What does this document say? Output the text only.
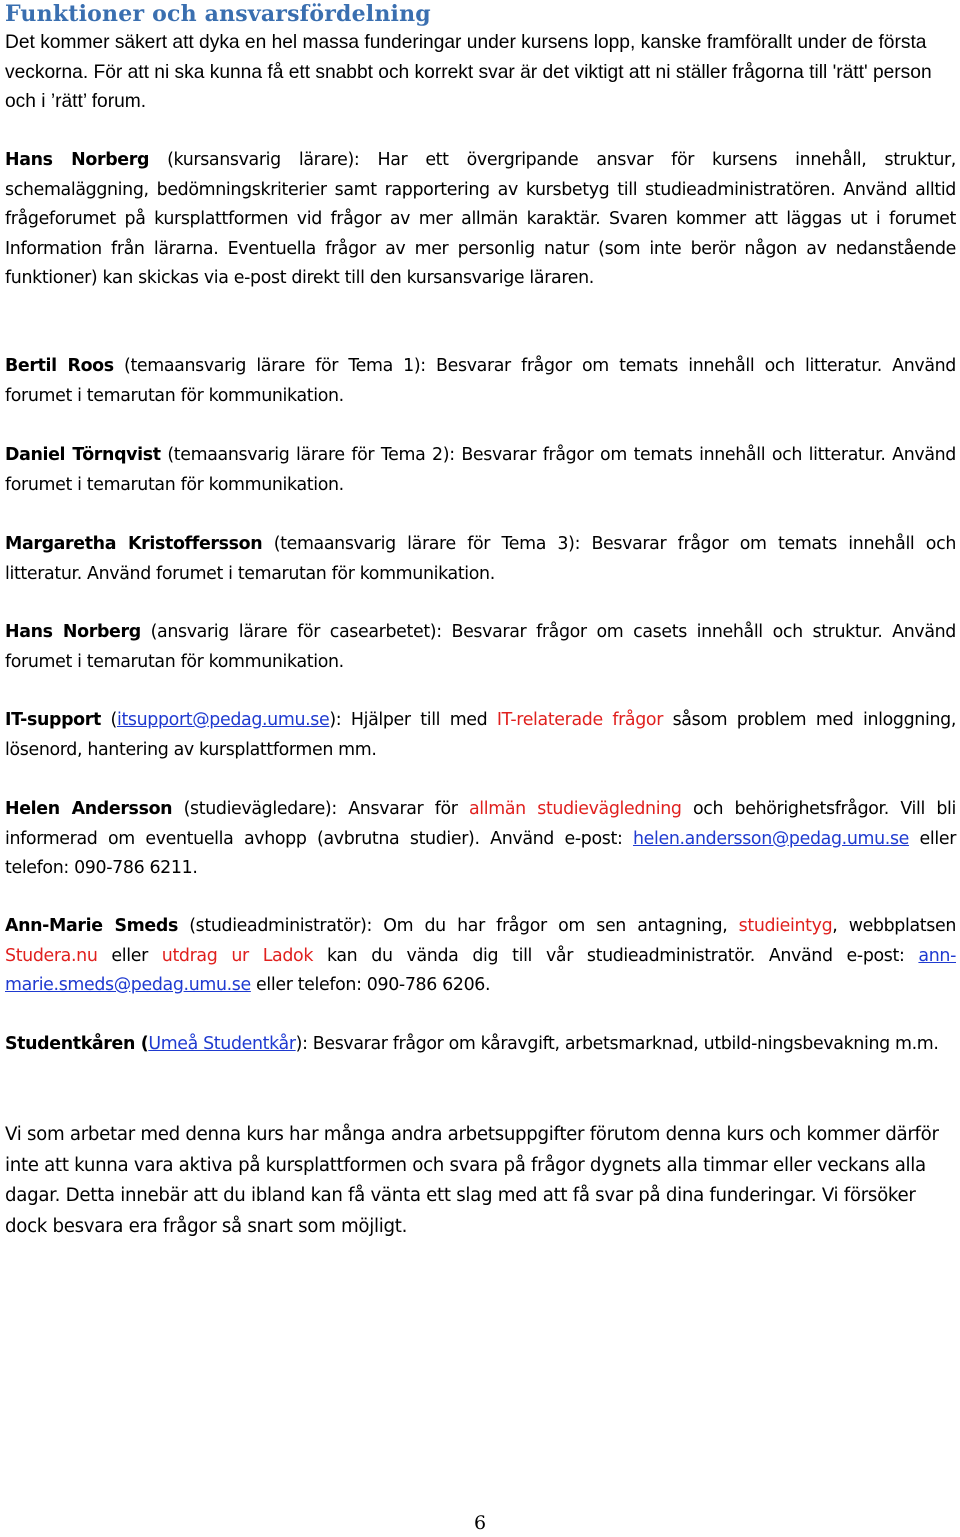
Funktioner och ansvarsfördelning

Det kommer säkert att dyka en hel massa funderingar under kursens lopp, kanske framförallt under de första veckorna. För att ni ska kunna få ett snabbt och korrekt svar är det viktigt att ni ställer frågorna till 'rätt' person och i ’rätt’ forum.

Hans Norberg (kursansvarig lärare): Har ett övergripande ansvar för kursens innehåll, struktur, schemaläggning, bedömningskriterier samt rapportering av kursbetyg till studieadministratören. Använd alltid frågeforumet på kursplattformen vid frågor av mer allmän karaktär. Svaren kommer att läggas ut i forumet Information från lärarna. Eventuella frågor av mer personlig natur (som inte berör någon av nedanstående funktioner) kan skickas via e-post direkt till den kursansvarige läraren.

Bertil Roos (temaansvarig lärare för Tema 1): Besvarar frågor om temats innehåll och litteratur. Använd forumet i temarutan för kommunikation.

Daniel Törnqvist (temaansvarig lärare för Tema 2): Besvarar frågor om temats innehåll och litteratur. Använd forumet i temarutan för kommunikation.

Margaretha Kristoffersson (temaansvarig lärare för Tema 3): Besvarar frågor om temats innehåll och litteratur. Använd forumet i temarutan för kommunikation.

Hans Norberg (ansvarig lärare för casearbetet): Besvarar frågor om casets innehåll och struktur. Använd forumet i temarutan för kommunikation.

IT-support (itsupport@pedag.umu.se): Hjälper till med IT-relaterade frågor såsom problem med inloggning, lösenord, hantering av kursplattformen mm.

Helen Andersson (studievägledare): Ansvarar för allmän studievägledning och behörighetsfrågor. Vill bli informerad om eventuella avhopp (avbrutna studier). Använd e-post: helen.andersson@pedag.umu.se eller telefon: 090-786 6211.

Ann-Marie Smeds (studieadministratör): Om du har frågor om sen antagning, studieintyg, webbplatsen Studera.nu eller utdrag ur Ladok kan du vända dig till vår studieadministratör. Använd e-post: ann-marie.smeds@pedag.umu.se eller telefon: 090-786 6206.

Studentkåren (Umeå Studentkår): Besvarar frågor om kåravgift, arbetsmarknad, utbild-ningsbevakning m.m.

Vi som arbetar med denna kurs har många andra arbetsuppgifter förutom denna kurs och kommer därför inte att kunna vara aktiva på kursplattformen och svara på frågor dygnets alla timmar eller veckans alla dagar. Detta innebär att du ibland kan få vänta ett slag med att få svar på dina funderingar. Vi försöker dock besvara era frågor så snart som möjligt.

6
